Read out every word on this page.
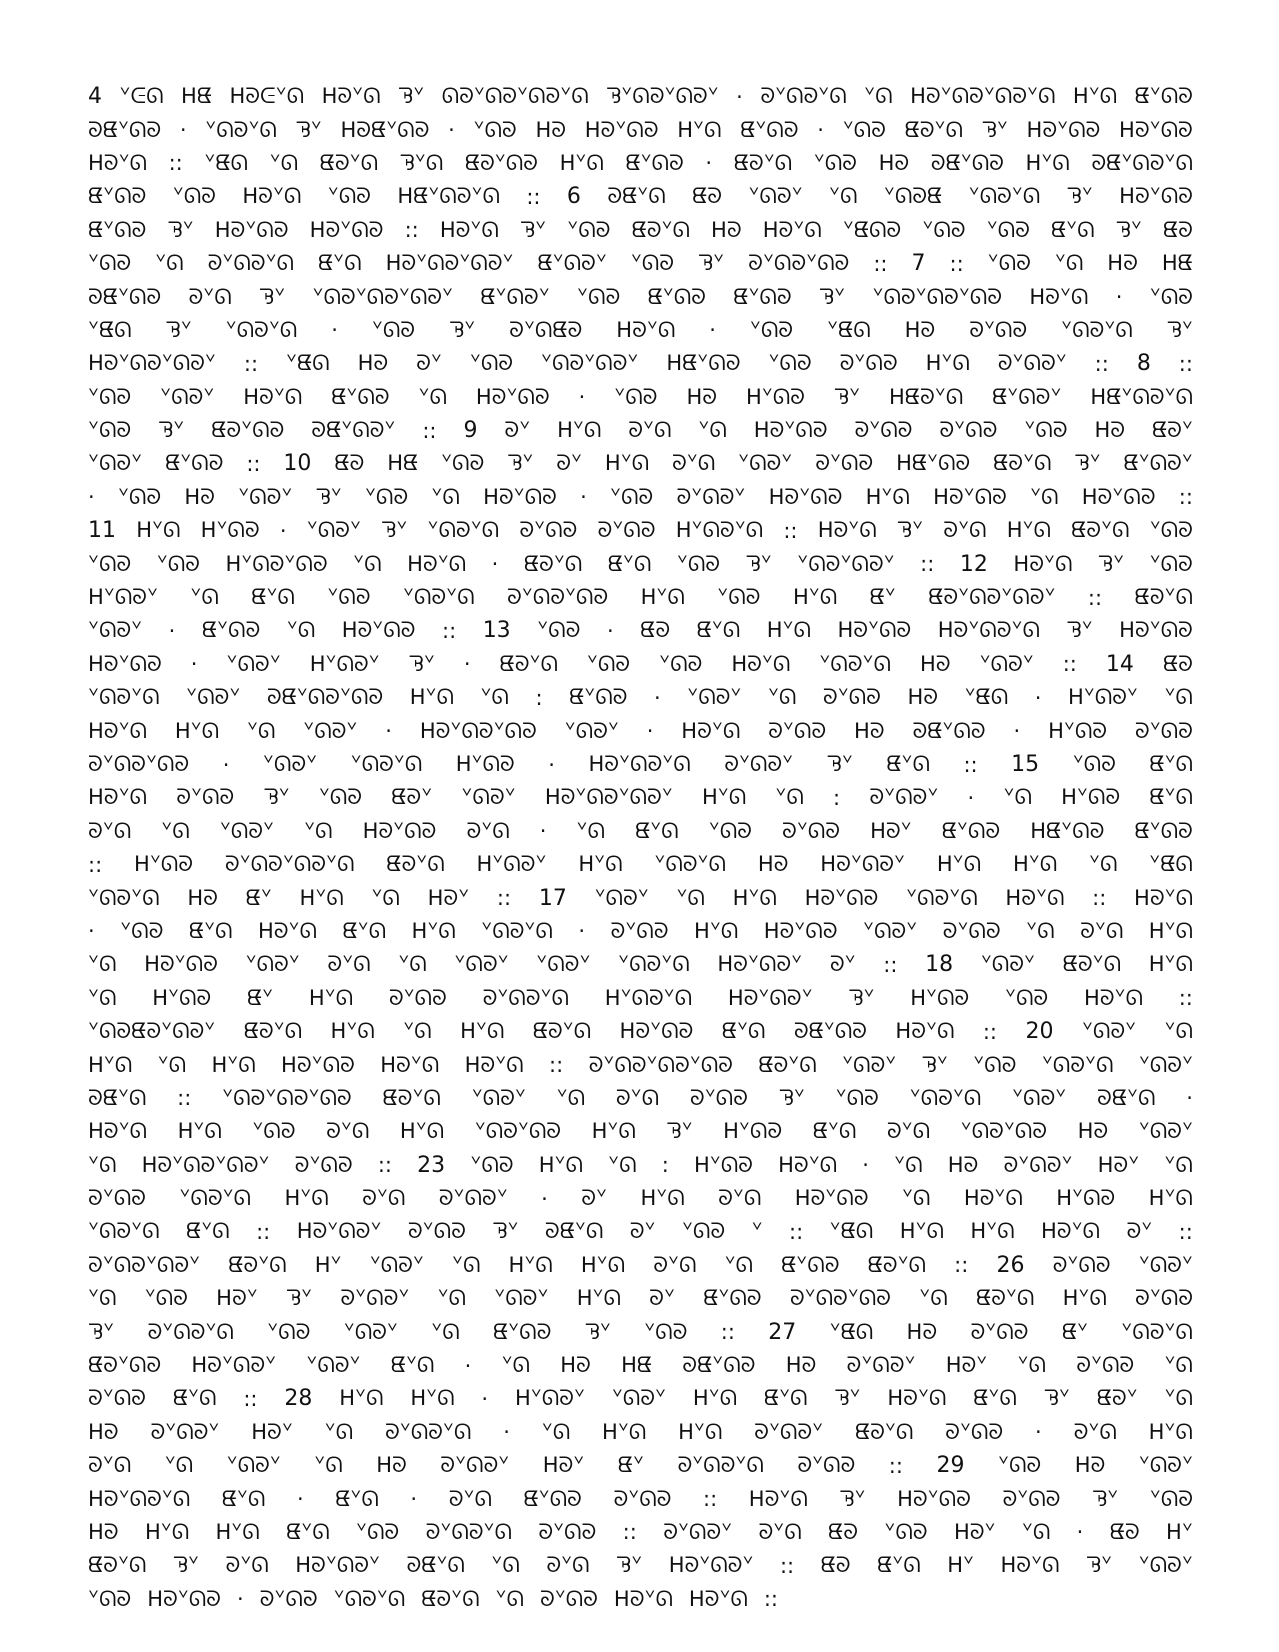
4 ᘁᕮᘏ ᕼᘀ ᕼᘐᕮᘁᘏ ᕼᘐᘁᘏ ᘋᘁ ᘏᘐᘁᘏᘐᘁᘏᘐᘁᘏ ᘋᘁᘏᘐᘁᘏᘐᘁ · ᘐᘁᘏᘐᘁᘏ ᘁᘏ ᕼᘐᘁᘏᘐᘁᘏᘐᘁᘏ ᕼᘁᘏ ᘀᘁᘏᘐ
ᘐᘀᘁᘏᘐ · ᘁᘏᘐᘁᘏ ᘋᘁ ᕼᘐᘀᘁᘏᘐ · ᘁᘏᘐ ᕼᘐ ᕼᘐᘁᘏᘐ ᕼᘁᘏ ᘀᘁᘏᘐ · ᘁᘏᘐ ᘀᘐᘁᘏ ᘋᘁ ᕼᘐᘁᘏᘐ ᕼᘐᘁᘏᘐ
ᕼᘐᘁᘏ :: ᘁᘀᘏ ᘁᘏ ᘀᘐᘁᘏ ᘋᘁᘏ ᘀᘐᘁᘏᘐ ᕼᘁᘏ ᘀᘁᘏᘐ · ᘀᘐᘁᘏ ᘁᘏᘐ ᕼᘐ ᘐᘀᘁᘏᘐ ᕼᘁᘏ ᘐᘀᘁᘏᘐᘁᘏ
ᘀᘁᘏᘐ ᘁᘏᘐ ᕼᘐᘁᘏ ᘁᘏᘐ ᕼᘀᘁᘏᘐᘁᘏ :: 6 ᘐᘀᘁᘏ ᘀᘐ ᘁᘏᘐᘁ ᘁᘏ ᘁᘏᘐᘀ ᘁᘏᘐᘁᘏ ᘋᘁ ᕼᘐᘁᘏᘐ
ᘀᘁᘏᘐ ᘋᘁ ᕼᘐᘁᘏᘐ ᕼᘐᘁᘏᘐ :: ᕼᘐᘁᘏ ᘋᘁ ᘁᘏᘐ ᘀᘐᘁᘏ ᕼᘐ ᕼᘐᘁᘏ ᘁᘀᘏᘐ ᘁᘏᘐ ᘁᘏᘐ ᘀᘁᘏ ᘋᘁ ᘀᘐ
ᘁᘏᘐ ᘁᘏ ᘐᘁᘏᘐᘁᘏ ᘀᘁᘏ ᕼᘐᘁᘏᘐᘁᘏᘐᘁ ᘀᘁᘏᘐᘁ ᘁᘏᘐ ᘋᘁ ᘐᘁᘏᘐᘁᘏᘐ :: 7 :: ᘁᘏᘐ ᘁᘏ ᕼᘐ ᕼᘀ
ᘐᘀᘁᘏᘐ ᘐᘁᘏ ᘋᘁ ᘁᘏᘐᘁᘏᘐᘁᘏᘐᘁ ᘀᘁᘏᘐᘁ ᘁᘏᘐ ᘀᘁᘏᘐ ᘀᘁᘏᘐ ᘋᘁ ᘁᘏᘐᘁᘏᘐᘁᘏᘐ ᕼᘐᘁᘏ · ᘁᘏᘐ
ᘁᘀᘏ ᘋᘁ ᘁᘏᘐᘁᘏ · ᘁᘏᘐ ᘋᘁ ᘐᘁᘏᘀᘐ ᕼᘐᘁᘏ · ᘁᘏᘐ ᘁᘀᘏ ᕼᘐ ᘐᘁᘏᘐ ᘁᘏᘐᘁᘏ ᘋᘁ
ᕼᘐᘁᘏᘐᘁᘏᘐᘁ :: ᘁᘀᘏ ᕼᘐ ᘐᘁ ᘁᘏᘐ ᘁᘏᘐᘁᘏᘐᘁ ᕼᘀᘁᘏᘐ ᘁᘏᘐ ᘐᘁᘏᘐ ᕼᘁᘏ ᘐᘁᘏᘐᘁ :: 8 ::
ᘁᘏᘐ ᘁᘏᘐᘁ ᕼᘐᘁᘏ ᘀᘁᘏᘐ ᘁᘏ ᕼᘐᘁᘏᘐ · ᘁᘏᘐ ᕼᘐ ᕼᘁᘏᘐ ᘋᘁ ᕼᘀᘐᘁᘏ ᘀᘁᘏᘐᘁ ᕼᘀᘁᘏᘐᘁᘏ
ᘁᘏᘐ ᘋᘁ ᘀᘐᘁᘏᘐ ᘐᘀᘁᘏᘐᘁ :: 9 ᘐᘁ ᕼᘁᘏ ᘐᘁᘏ ᘁᘏ ᕼᘐᘁᘏᘐ ᘐᘁᘏᘐ ᘐᘁᘏᘐ ᘁᘏᘐ ᕼᘐ ᘀᘐᘁ
ᘁᘏᘐᘁ ᘀᘁᘏᘐ :: 10 ᘀᘐ ᕼᘀ ᘁᘏᘐ ᘋᘁ ᘐᘁ ᕼᘁᘏ ᘐᘁᘏ ᘁᘏᘐᘁ ᘐᘁᘏᘐ ᕼᘀᘁᘏᘐ ᘀᘐᘁᘏ ᘋᘁ ᘀᘁᘏᘐᘁ
· ᘁᘏᘐ ᕼᘐ ᘁᘏᘐᘁ ᘋᘁ ᘁᘏᘐ ᘁᘏ ᕼᘐᘁᘏᘐ · ᘁᘏᘐ ᘐᘁᘏᘐᘁ ᕼᘐᘁᘏᘐ ᕼᘁᘏ ᕼᘐᘁᘏᘐ ᘁᘏ ᕼᘐᘁᘏᘐ ::
11 ᕼᘁᘏ ᕼᘁᘏᘐ · ᘁᘏᘐᘁ ᘋᘁ ᘁᘏᘐᘁᘏ ᘐᘁᘏᘐ ᘐᘁᘏᘐ ᕼᘁᘏᘐᘁᘏ :: ᕼᘐᘁᘏ ᘋᘁ ᘐᘁᘏ ᕼᘁᘏ ᘀᘐᘁᘏ ᘁᘏᘐ
ᘁᘏᘐ ᘁᘏᘐ ᕼᘁᘏᘐᘁᘏᘐ ᘁᘏ ᕼᘐᘁᘏ · ᘀᘐᘁᘏ ᘀᘁᘏ ᘁᘏᘐ ᘋᘁ ᘁᘏᘐᘁᘏᘐᘁ :: 12 ᕼᘐᘁᘏ ᘋᘁ ᘁᘏᘐ
ᕼᘁᘏᘐᘁ ᘁᘏ ᘀᘁᘏ ᘁᘏᘐ ᘁᘏᘐᘁᘏ ᘐᘁᘏᘐᘁᘏᘐ ᕼᘁᘏ ᘁᘏᘐ ᕼᘁᘏ ᘀᘁ ᘀᘐᘁᘏᘐᘁᘏᘐᘁ :: ᘀᘐᘁᘏ
ᘁᘏᘐᘁ · ᘀᘁᘏᘐ ᘁᘏ ᕼᘐᘁᘏᘐ :: 13 ᘁᘏᘐ · ᘀᘐ ᘀᘁᘏ ᕼᘁᘏ ᕼᘐᘁᘏᘐ ᕼᘐᘁᘏᘐᘁᘏ ᘋᘁ ᕼᘐᘁᘏᘐ
ᕼᘐᘁᘏᘐ · ᘁᘏᘐᘁ ᕼᘁᘏᘐᘁ ᘋᘁ · ᘀᘐᘁᘏ ᘁᘏᘐ ᘁᘏᘐ ᕼᘐᘁᘏ ᘁᘏᘐᘁᘏ ᕼᘐ ᘁᘏᘐᘁ :: 14 ᘀᘐ
ᘁᘏᘐᘁᘏ ᘁᘏᘐᘁ ᘐᘀᘁᘏᘐᘁᘏᘐ ᕼᘁᘏ ᘁᘏ : ᘀᘁᘏᘐ · ᘁᘏᘐᘁ ᘁᘏ ᘐᘁᘏᘐ ᕼᘐ ᘁᘀᘏ · ᕼᘁᘏᘐᘁ ᘁᘏ
ᕼᘐᘁᘏ ᕼᘁᘏ ᘁᘏ ᘁᘏᘐᘁ · ᕼᘐᘁᘏᘐᘁᘏᘐ ᘁᘏᘐᘁ · ᕼᘐᘁᘏ ᘐᘁᘏᘐ ᕼᘐ ᘐᘀᘁᘏᘐ · ᕼᘁᘏᘐ ᘐᘁᘏᘐ
ᘐᘁᘏᘐᘁᘏᘐ · ᘁᘏᘐᘁ ᘁᘏᘐᘁᘏ ᕼᘁᘏᘐ · ᕼᘐᘁᘏᘐᘁᘏ ᘐᘁᘏᘐᘁ ᘋᘁ ᘀᘁᘏ :: 15 ᘁᘏᘐ ᘀᘁᘏ
ᕼᘐᘁᘏ ᘐᘁᘏᘐ ᘋᘁ ᘁᘏᘐ ᘀᘐᘁ ᘁᘏᘐᘁ ᕼᘐᘁᘏᘐᘁᘏᘐᘁ ᕼᘁᘏ ᘁᘏ : ᘐᘁᘏᘐᘁ · ᘁᘏ ᕼᘁᘏᘐ ᘀᘁᘏ
ᘐᘁᘏ ᘁᘏ ᘁᘏᘐᘁ ᘁᘏ ᕼᘐᘁᘏᘐ ᘐᘁᘏ · ᘁᘏ ᘀᘁᘏ ᘁᘏᘐ ᘐᘁᘏᘐ ᕼᘐᘁ ᘀᘁᘏᘐ ᕼᘀᘁᘏᘐ ᘀᘁᘏᘐ
:: ᕼᘁᘏᘐ ᘐᘁᘏᘐᘁᘏᘐᘁᘏ ᘀᘐᘁᘏ ᕼᘁᘏᘐᘁ ᕼᘁᘏ ᘁᘏᘐᘁᘏ ᕼᘐ ᕼᘐᘁᘏᘐᘁ ᕼᘁᘏ ᕼᘁᘏ ᘁᘏ ᘁᘀᘏ
ᘁᘏᘐᘁᘏ ᕼᘐ ᘀᘁ ᕼᘁᘏ ᘁᘏ ᕼᘐᘁ :: 17 ᘁᘏᘐᘁ ᘁᘏ ᕼᘁᘏ ᕼᘐᘁᘏᘐ ᘁᘏᘐᘁᘏ ᕼᘐᘁᘏ :: ᕼᘐᘁᘏ
· ᘁᘏᘐ ᘀᘁᘏ ᕼᘐᘁᘏ ᘀᘁᘏ ᕼᘁᘏ ᘁᘏᘐᘁᘏ · ᘐᘁᘏᘐ ᕼᘁᘏ ᕼᘐᘁᘏᘐ ᘁᘏᘐᘁ ᘐᘁᘏᘐ ᘁᘏ ᘐᘁᘏ ᕼᘁᘏ
ᘁᘏ ᕼᘐᘁᘏᘐ ᘁᘏᘐᘁ ᘐᘁᘏ ᘁᘏ ᘁᘏᘐᘁ ᘁᘏᘐᘁ ᘁᘏᘐᘁᘏ ᕼᘐᘁᘏᘐᘁ ᘐᘁ :: 18 ᘁᘏᘐᘁ ᘀᘐᘁᘏ ᕼᘁᘏ
ᘁᘏ ᕼᘁᘏᘐ ᘀᘁ ᕼᘁᘏ ᘐᘁᘏᘐ ᘐᘁᘏᘐᘁᘏ ᕼᘁᘏᘐᘁᘏ ᕼᘐᘁᘏᘐᘁ ᘋᘁ ᕼᘁᘏᘐ ᘁᘏᘐ ᕼᘐᘁᘏ ::
ᘁᘏᘐᘀᘐᘁᘏᘐᘁ ᘀᘐᘁᘏ ᕼᘁᘏ ᘁᘏ ᕼᘁᘏ ᘀᘐᘁᘏ ᕼᘐᘁᘏᘐ ᘀᘁᘏ ᘐᘀᘁᘏᘐ ᕼᘐᘁᘏ :: 20 ᘁᘏᘐᘁ ᘁᘏ
ᕼᘁᘏ ᘁᘏ ᕼᘁᘏ ᕼᘐᘁᘏᘐ ᕼᘐᘁᘏ ᕼᘐᘁᘏ :: ᘐᘁᘏᘐᘁᘏᘐᘁᘏᘐ ᘀᘐᘁᘏ ᘁᘏᘐᘁ ᘋᘁ ᘁᘏᘐ ᘁᘏᘐᘁᘏ ᘁᘏᘐᘁ
ᘐᘀᘁᘏ :: ᘁᘏᘐᘁᘏᘐᘁᘏᘐ ᘀᘐᘁᘏ ᘁᘏᘐᘁ ᘁᘏ ᘐᘁᘏ ᘐᘁᘏᘐ ᘋᘁ ᘁᘏᘐ ᘁᘏᘐᘁᘏ ᘁᘏᘐᘁ ᘐᘀᘁᘏ ·
ᕼᘐᘁᘏ ᕼᘁᘏ ᘁᘏᘐ ᘐᘁᘏ ᕼᘁᘏ ᘁᘏᘐᘁᘏᘐ ᕼᘁᘏ ᘋᘁ ᕼᘁᘏᘐ ᘀᘁᘏ ᘐᘁᘏ ᘁᘏᘐᘁᘏᘐ ᕼᘐ ᘁᘏᘐᘁ
ᘁᘏ ᕼᘐᘁᘏᘐᘁᘏᘐᘁ ᘐᘁᘏᘐ :: 23 ᘁᘏᘐ ᕼᘁᘏ ᘁᘏ : ᕼᘁᘏᘐ ᕼᘐᘁᘏ · ᘁᘏ ᕼᘐ ᘐᘁᘏᘐᘁ ᕼᘐᘁ ᘁᘏ
ᘐᘁᘏᘐ ᘁᘏᘐᘁᘏ ᕼᘁᘏ ᘐᘁᘏ ᘐᘁᘏᘐᘁ · ᘐᘁ ᕼᘁᘏ ᘐᘁᘏ ᕼᘐᘁᘏᘐ ᘁᘏ ᕼᘐᘁᘏ ᕼᘁᘏᘐ ᕼᘁᘏ
ᘁᘏᘐᘁᘏ ᘀᘁᘏ :: ᕼᘐᘁᘏᘐᘁ ᘐᘁᘏᘐ ᘋᘁ ᘐᘀᘁᘏ ᘐᘁ ᘁᘏᘐ ᘁ :: ᘁᘀᘏ ᕼᘁᘏ ᕼᘁᘏ ᕼᘐᘁᘏ ᘐᘁ ::
ᘐᘁᘏᘐᘁᘏᘐᘁ ᘀᘐᘁᘏ ᕼᘁ ᘁᘏᘐᘁ ᘁᘏ ᕼᘁᘏ ᕼᘁᘏ ᘐᘁᘏ ᘁᘏ ᘀᘁᘏᘐ ᘀᘐᘁᘏ :: 26 ᘐᘁᘏᘐ ᘁᘏᘐᘁ
ᘁᘏ ᘁᘏᘐ ᕼᘐᘁ ᘋᘁ ᘐᘁᘏᘐᘁ ᘁᘏ ᘁᘏᘐᘁ ᕼᘁᘏ ᘐᘁ ᘀᘁᘏᘐ ᘐᘁᘏᘐᘁᘏᘐ ᘁᘏ ᘀᘐᘁᘏ ᕼᘁᘏ ᘐᘁᘏᘐ
ᘋᘁ ᘐᘁᘏᘐᘁᘏ ᘁᘏᘐ ᘁᘏᘐᘁ ᘁᘏ ᘀᘁᘏᘐ ᘋᘁ ᘁᘏᘐ :: 27 ᘁᘀᘏ ᕼᘐ ᘐᘁᘏᘐ ᘀᘁ ᘁᘏᘐᘁᘏ
ᘀᘐᘁᘏᘐ ᕼᘐᘁᘏᘐᘁ ᘁᘏᘐᘁ ᘀᘁᘏ · ᘁᘏ ᕼᘐ ᕼᘀ ᘐᘀᘁᘏᘐ ᕼᘐ ᘐᘁᘏᘐᘁ ᕼᘐᘁ ᘁᘏ ᘐᘁᘏᘐ ᘁᘏ
ᘐᘁᘏᘐ ᘀᘁᘏ :: 28 ᕼᘁᘏ ᕼᘁᘏ · ᕼᘁᘏᘐᘁ ᘁᘏᘐᘁ ᕼᘁᘏ ᘀᘁᘏ ᘋᘁ ᕼᘐᘁᘏ ᘀᘁᘏ ᘋᘁ ᘀᘐᘁ ᘁᘏ
ᕼᘐ ᘐᘁᘏᘐᘁ ᕼᘐᘁ ᘁᘏ ᘐᘁᘏᘐᘁᘏ · ᘁᘏ ᕼᘁᘏ ᕼᘁᘏ ᘐᘁᘏᘐᘁ ᘀᘐᘁᘏ ᘐᘁᘏᘐ · ᘐᘁᘏ ᕼᘁᘏ
ᘐᘁᘏ ᘁᘏ ᘁᘏᘐᘁ ᘁᘏ ᕼᘐ ᘐᘁᘏᘐᘁ ᕼᘐᘁ ᘀᘁ ᘐᘁᘏᘐᘁᘏ ᘐᘁᘏᘐ :: 29 ᘁᘏᘐ ᕼᘐ ᘁᘏᘐᘁ
ᕼᘐᘁᘏᘐᘁᘏ ᘀᘁᘏ · ᘀᘁᘏ · ᘐᘁᘏ ᘀᘁᘏᘐ ᘐᘁᘏᘐ :: ᕼᘐᘁᘏ ᘋᘁ ᕼᘐᘁᘏᘐ ᘐᘁᘏᘐ ᘋᘁ ᘁᘏᘐ
ᕼᘐ ᕼᘁᘏ ᕼᘁᘏ ᘀᘁᘏ ᘁᘏᘐ ᘐᘁᘏᘐᘁᘏ ᘐᘁᘏᘐ :: ᘐᘁᘏᘐᘁ ᘐᘁᘏ ᘀᘐ ᘁᘏᘐ ᕼᘐᘁ ᘁᘏ · ᘀᘐ ᕼᘁ
ᘀᘐᘁᘏ ᘋᘁ ᘐᘁᘏ ᕼᘐᘁᘏᘐᘁ ᘐᘀᘁᘏ ᘁᘏ ᘐᘁᘏ ᘋᘁ ᕼᘐᘁᘏᘐᘁ :: ᘀᘐ ᘀᘁᘏ ᕼᘁ ᕼᘐᘁᘏ ᘋᘁ ᘁᘏᘐᘁ
ᘁᘏᘐ ᕼᘐᘁᘏᘐ · ᘐᘁᘏᘐ ᘁᘏᘐᘁᘏ ᘀᘐᘁᘏ ᘁᘏ ᘐᘁᘏᘐ ᕼᘐᘁᘏ ᕼᘐᘁᘏ ::
